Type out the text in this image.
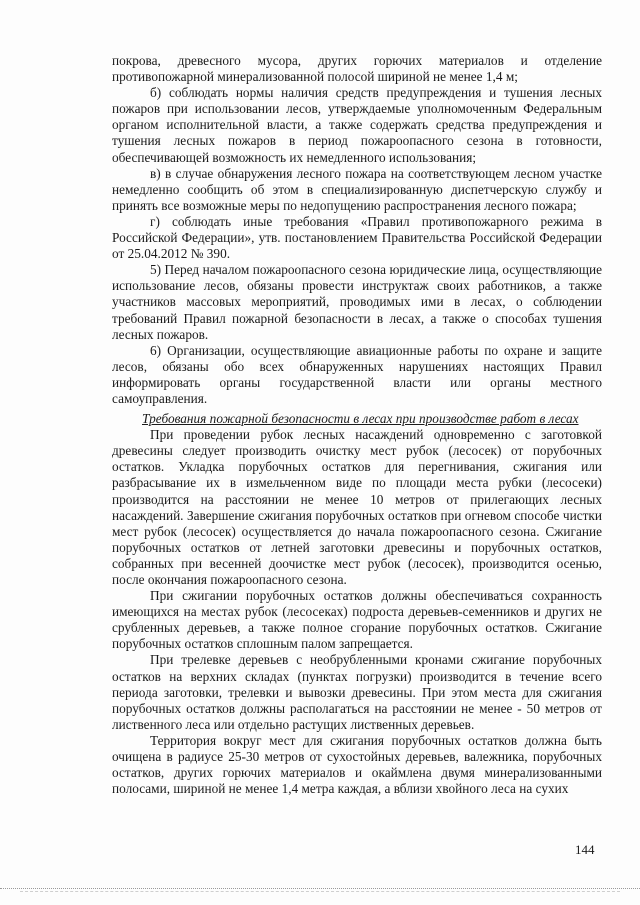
покрова, древесного мусора, других горючих материалов и отделение противопожарной минерализованной полосой шириной не менее 1,4 м;

б) соблюдать нормы наличия средств предупреждения и тушения лесных пожаров при использовании лесов, утверждаемые уполномоченным Федеральным органом исполнительной власти, а также содержать средства предупреждения и тушения лесных пожаров в период пожароопасного сезона в готовности, обеспечивающей возможность их немедленного использования;

в) в случае обнаружения лесного пожара на соответствующем лесном участке немедленно сообщить об этом в специализированную диспетчерскую службу и принять все возможные меры по недопущению распространения лесного пожара;

г) соблюдать иные требования «Правил противопожарного режима в Российской Федерации», утв. постановлением Правительства Российской Федерации от 25.04.2012 № 390.

5) Перед началом пожароопасного сезона юридические лица, осуществляющие использование лесов, обязаны провести инструктаж своих работников, а также участников массовых мероприятий, проводимых ими в лесах, о соблюдении требований Правил пожарной безопасности в лесах, а также о способах тушения лесных пожаров.

6) Организации, осуществляющие авиационные работы по охране и защите лесов, обязаны обо всех обнаруженных нарушениях настоящих Правил информировать органы государственной власти или органы местного самоуправления.

Требования пожарной безопасности в лесах при производстве работ в лесах

При проведении рубок лесных насаждений одновременно с заготовкой древесины следует производить очистку мест рубок (лесосек) от порубочных остатков. Укладка порубочных остатков для перегнивания, сжигания или разбрасывание их в измельченном виде по площади места рубки (лесосеки) производится на расстоянии не менее 10 метров от прилегающих лесных насаждений. Завершение сжигания порубочных остатков при огневом способе чистки мест рубок (лесосек) осуществляется до начала пожароопасного сезона. Сжигание порубочных остатков от летней заготовки древесины и порубочных остатков, собранных при весенней доочистке мест рубок (лесосек), производится осенью, после окончания пожароопасного сезона.

При сжигании порубочных остатков должны обеспечиваться сохранность имеющихся на местах рубок (лесосеках) подроста деревьев-семенников и других не срубленных деревьев, а также полное сгорание порубочных остатков. Сжигание порубочных остатков сплошным палом запрещается.

При трелевке деревьев с необрубленными кронами сжигание порубочных остатков на верхних складах (пунктах погрузки) производится в течение всего периода заготовки, трелевки и вывозки древесины. При этом места для сжигания порубочных остатков должны располагаться на расстоянии не менее - 50 метров от лиственного леса или отдельно растущих лиственных деревьев.

Территория вокруг мест для сжигания порубочных остатков должна быть очищена в радиусе 25-30 метров от сухостойных деревьев, валежника, порубочных остатков, других горючих материалов и окаймлена двумя минерализованными полосами, шириной не менее 1,4 метра каждая, а вблизи хвойного леса на сухих

144
